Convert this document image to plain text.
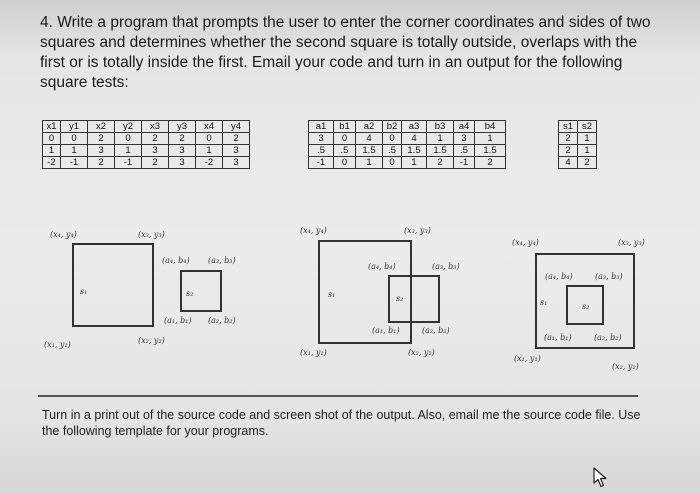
4. Write a program that prompts the user to enter the corner coordinates and sides of two squares and determines whether the second square is totally outside, overlaps with the first or is totally inside the first. Email your code and turn in an output for the following square tests:

x1	y1	x2	y2	x3	y3	x4	y4
0	0	2	0	2	2	0	2
1	1	3	1	3	3	1	3
-2	-1	2	-1	2	3	-2	3
a1	b1	a2	b2	a3	b3	a4	b4
3	0	4	0	4	1	3	1
.5	.5	1.5	.5	1.5	1.5	.5	1.5
-1	0	1	0	1	2	-1	2
s1	s2
2	1
2	1
4	2
(x₄, y₄)	(x₃, y₃)
(a₄, b₄) (a₃, b₃)
s₁	s₂
(a₁, b₁) (a₂, b₂)
(x₂, y₂)
(x₁, y₁)
(x₄, y₄)	(x₃, y₃)
(a₄, b₄)	(a₃, b₃)
s₁	s₂
(a₁, b₁)	(a₂, b₂)
(x₂, y₂)
(x₁, y₁)
(x₄, y₄)	(x₃, y₃)
(a₄, b₄)	(a₃, b₃)
s₁	s₂
(a₁, b₁)	(a₂, b₂)
(x₁, y₁)
(x₂, y₂)

Turn in a print out of the source code and screen shot of the output. Also, email me the source code file. Use the following template for your programs.
